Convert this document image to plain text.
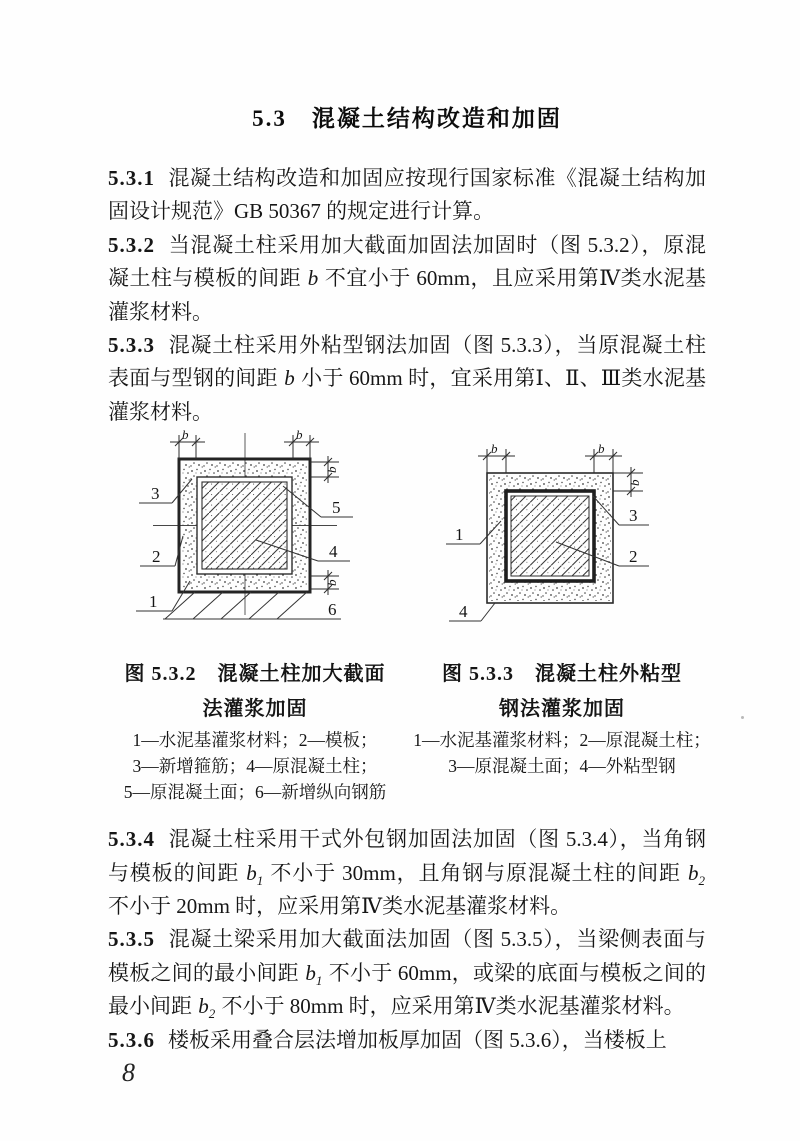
5.3　混凝土结构改造和加固

5.3.1 混凝土结构改造和加固应按现行国家标准《混凝土结构加固设计规范》GB 50367 的规定进行计算。

5.3.2 当混凝土柱采用加大截面加固法加固时（图 5.3.2），原混凝土柱与模板的间距 b 不宜小于 60mm，且应采用第Ⅳ类水泥基灌浆材料。

5.3.3 混凝土柱采用外粘型钢法加固（图 5.3.3），当原混凝土柱表面与型钢的间距 b 小于 60mm 时，宜采用第Ⅰ、Ⅱ、Ⅲ类水泥基灌浆材料。

b	b
b
b
3
2
1
5
4
6
b	b
b
1
3
2
4
图 5.3.2　混凝土柱加大截面
法灌浆加固
1—水泥基灌浆材料；2—模板；
3—新增箍筋；4—原混凝土柱；
5—原混凝土面；6—新增纵向钢筋
图 5.3.3　混凝土柱外粘型
钢法灌浆加固
1—水泥基灌浆材料；2—原混凝土柱；
3—原混凝土面；4—外粘型钢

5.3.4 混凝土柱采用干式外包钢加固法加固（图 5.3.4），当角钢与模板的间距 $b_1$ 不小于 30mm，且角钢与原混凝土柱的间距 $b_2$ 不小于 20mm 时，应采用第Ⅳ类水泥基灌浆材料。

5.3.5 混凝土梁采用加大截面法加固（图 5.3.5），当梁侧表面与模板之间的最小间距 $b_1$ 不小于 60mm，或梁的底面与模板之间的最小间距 $b_2$ 不小于 80mm 时，应采用第Ⅳ类水泥基灌浆材料。

5.3.6 楼板采用叠合层法增加板厚加固（图 5.3.6），当楼板上

8
